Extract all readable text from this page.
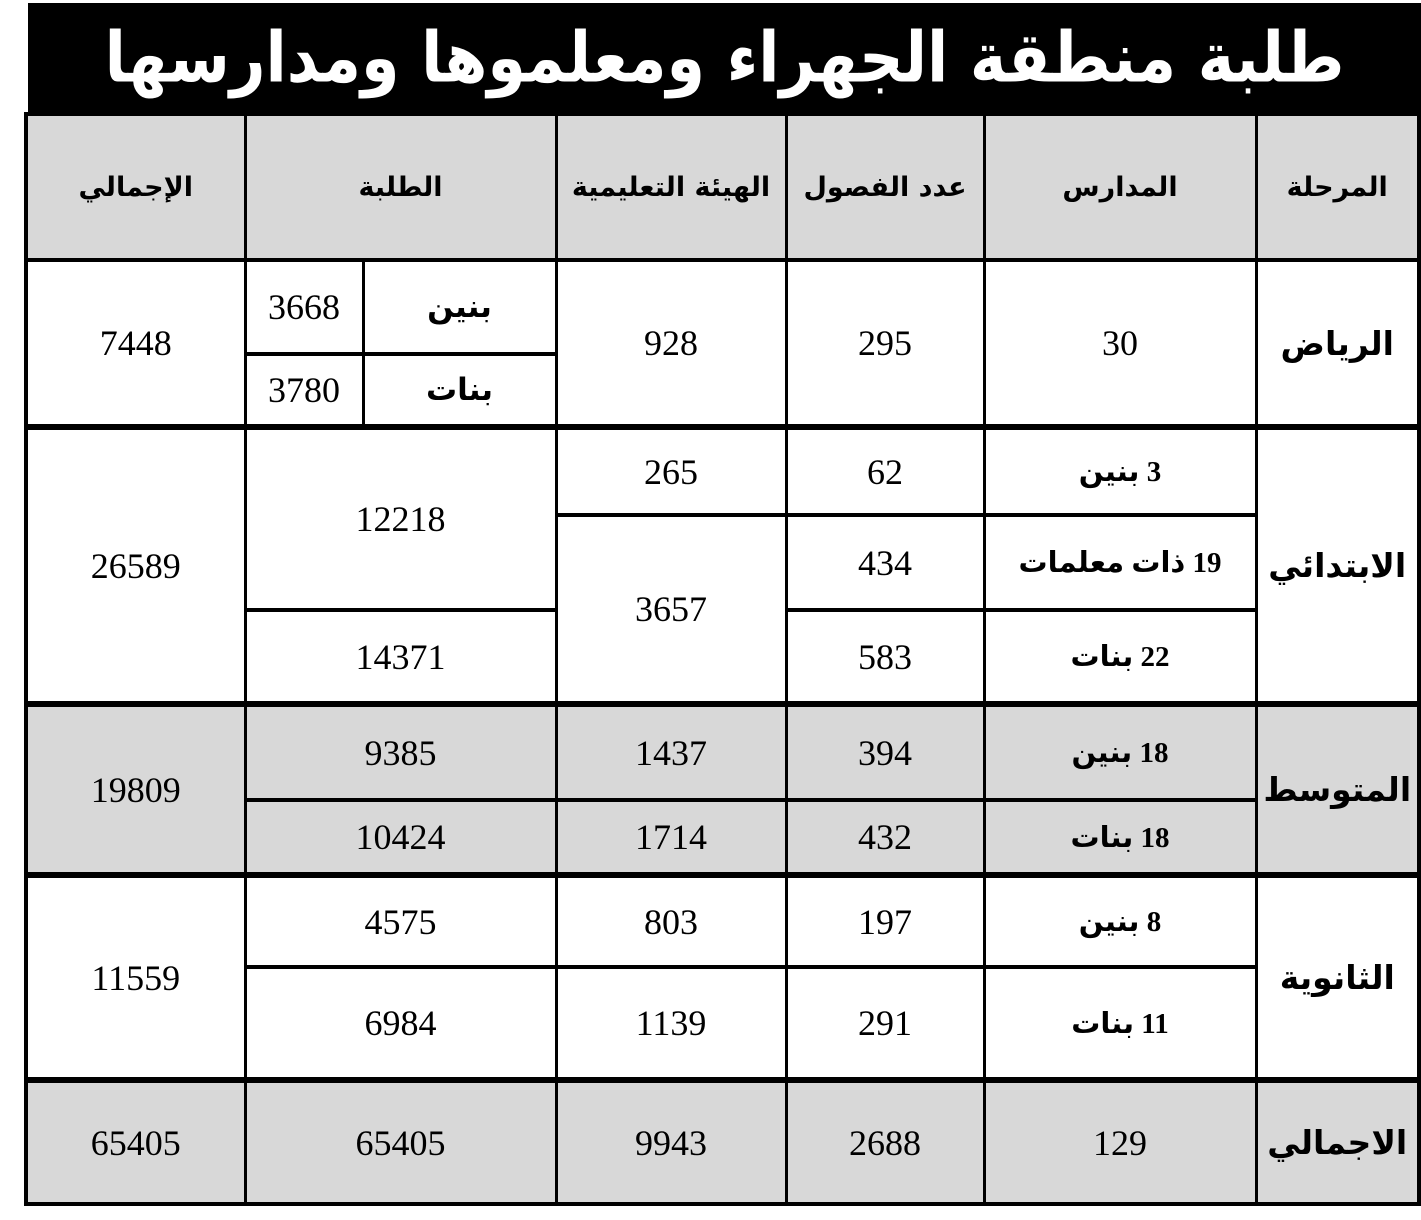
طلبة منطقة الجهراء ومعلموها ومدارسها
المرحلة	المدارس	عدد الفصول	الهيئة التعليمية	الطلبة		الإجمالي
الرياض	30	295	928	بنين	3668	7448
				بنات	3780	
الابتدائي	3 بنين	62	265	12218		26589
	19 ذات معلمات	434	3657			
	22 بنات	583		14371		
المتوسط	18 بنين	394	1437	9385		19809
	18 بنات	432	1714	10424		
الثانوية	8 بنين	197	803	4575		11559
	11 بنات	291	1139	6984		
الاجمالي	129	2688	9943	65405		65405
